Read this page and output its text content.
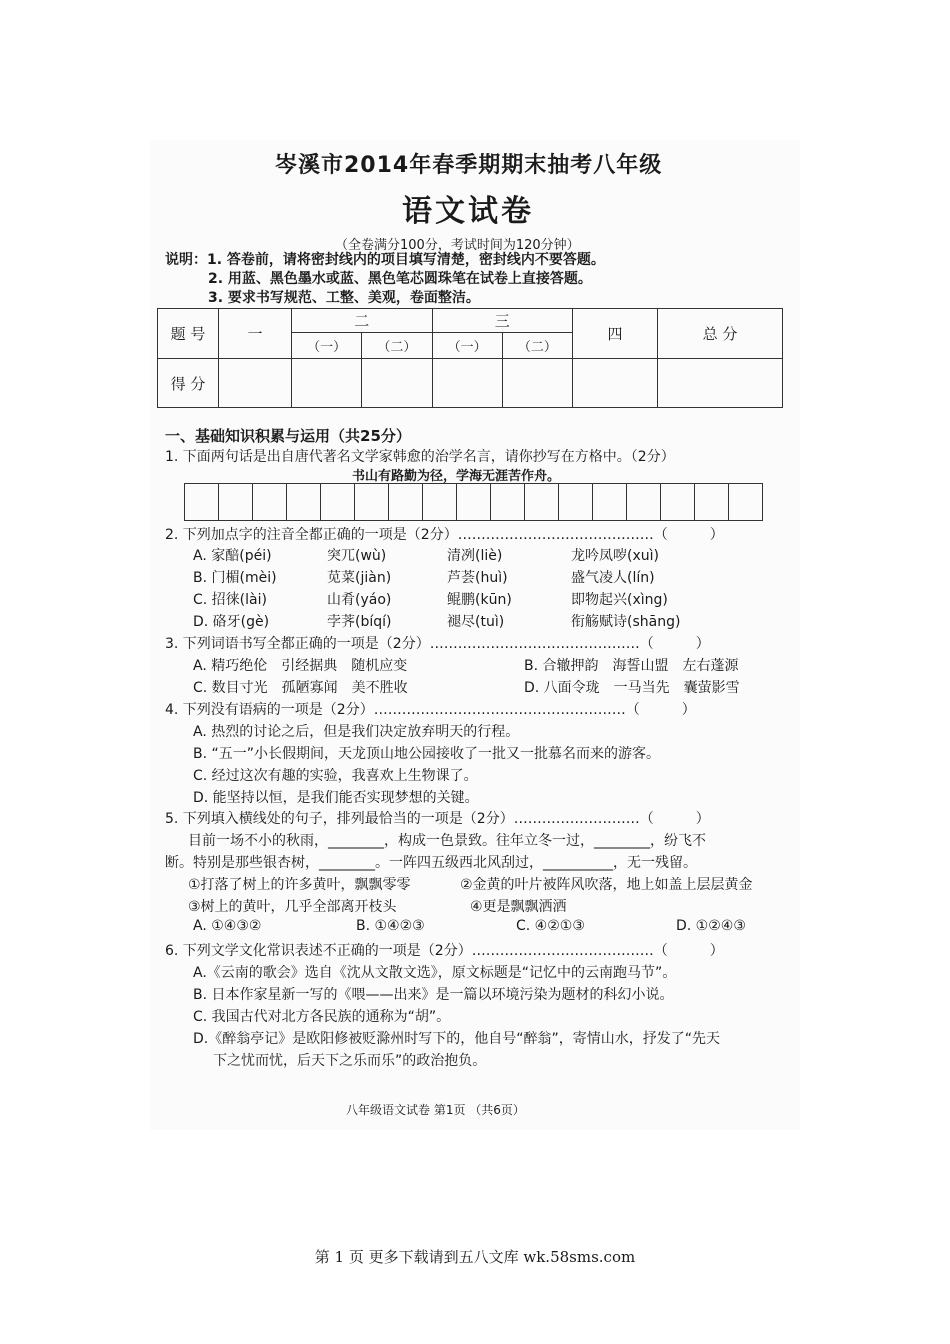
岑溪市2014年春季期期末抽考八年级
语文试卷
（全卷满分100分，考试时间为120分钟）
说明：1. 答卷前，请将密封线内的项目填写清楚，密封线内不要答题。
2. 用蓝、黑色墨水或蓝、黑色笔芯圆珠笔在试卷上直接答题。
3. 要求书写规范、工整、美观，卷面整洁。
题 号	一	二		三		四	总 分
		（一）	（二）	（一）	（二）		
得 分							
一、基础知识积累与运用（共25分）
1. 下面两句话是出自唐代著名文学家韩愈的治学名言，请你抄写在方格中。（2分）
书山有路勤为径，学海无涯苦作舟。
2. 下列加点字的注音全都正确的一项是（2分）……………………………………（　　　）
A. 家醅(péi)	突兀(wù)	清冽(liè)	龙吟凤哕(xuì)
B. 门楣(mèi)	苋菜(jiàn)	芦荟(huì)	盛气凌人(lín)
C. 招徕(lài)	山肴(yáo)	鲲鹏(kūn)	即物起兴(xìng)
D. 硌牙(gè)	孛荠(bíqí)	褪尽(tuì)	衔觞赋诗(shāng)
3. 下列词语书写全都正确的一项是（2分）………………………………………（　　　）
A. 精巧绝伦　引经据典　随机应变	B. 合辙押韵　海誓山盟　左右蓬源
C. 数目寸光　孤陋寡闻　美不胜收	D. 八面令珑　一马当先　囊萤影雪
4. 下列没有语病的一项是（2分）………………………………………………（　　　）
A. 热烈的讨论之后，但是我们决定放弃明天的行程。
B. “五一”小长假期间，天龙顶山地公园接收了一批又一批慕名而来的游客。
C. 经过这次有趣的实验，我喜欢上生物课了。
D. 能坚持以恒，是我们能否实现梦想的关键。
5. 下列填入横线处的句子，排列最恰当的一项是（2分）………………………（　　　）
目前一场不小的秋雨，________，构成一色景致。往年立冬一过，________，纷飞不
断。特别是那些银杏树，________。一阵四五级西北风刮过，__________，无一残留。
①打落了树上的许多黄叶，飘飘零零	②金黄的叶片被阵风吹落，地上如盖上层层黄金
③树上的黄叶，几乎全部离开枝头	④更是飘飘洒洒
A. ①④③②	B. ①④②③	C. ④②①③	D. ①②④③
6. 下列文学文化常识表述不正确的一项是（2分）…………………………………（　　　）
A.《云南的歌会》选自《沈从文散文选》，原文标题是“记忆中的云南跑马节”。
B. 日本作家星新一写的《喂——出来》是一篇以环境污染为题材的科幻小说。
C. 我国古代对北方各民族的通称为“胡”。
D.《醉翁亭记》是欧阳修被贬滁州时写下的，他自号“醉翁”，寄情山水，抒发了“先天
下之忧而忧，后天下之乐而乐”的政治抱负。
八年级语文试卷 第1页 （共6页）
第 1 页 更多下载请到五八文库 wk.58sms.com
